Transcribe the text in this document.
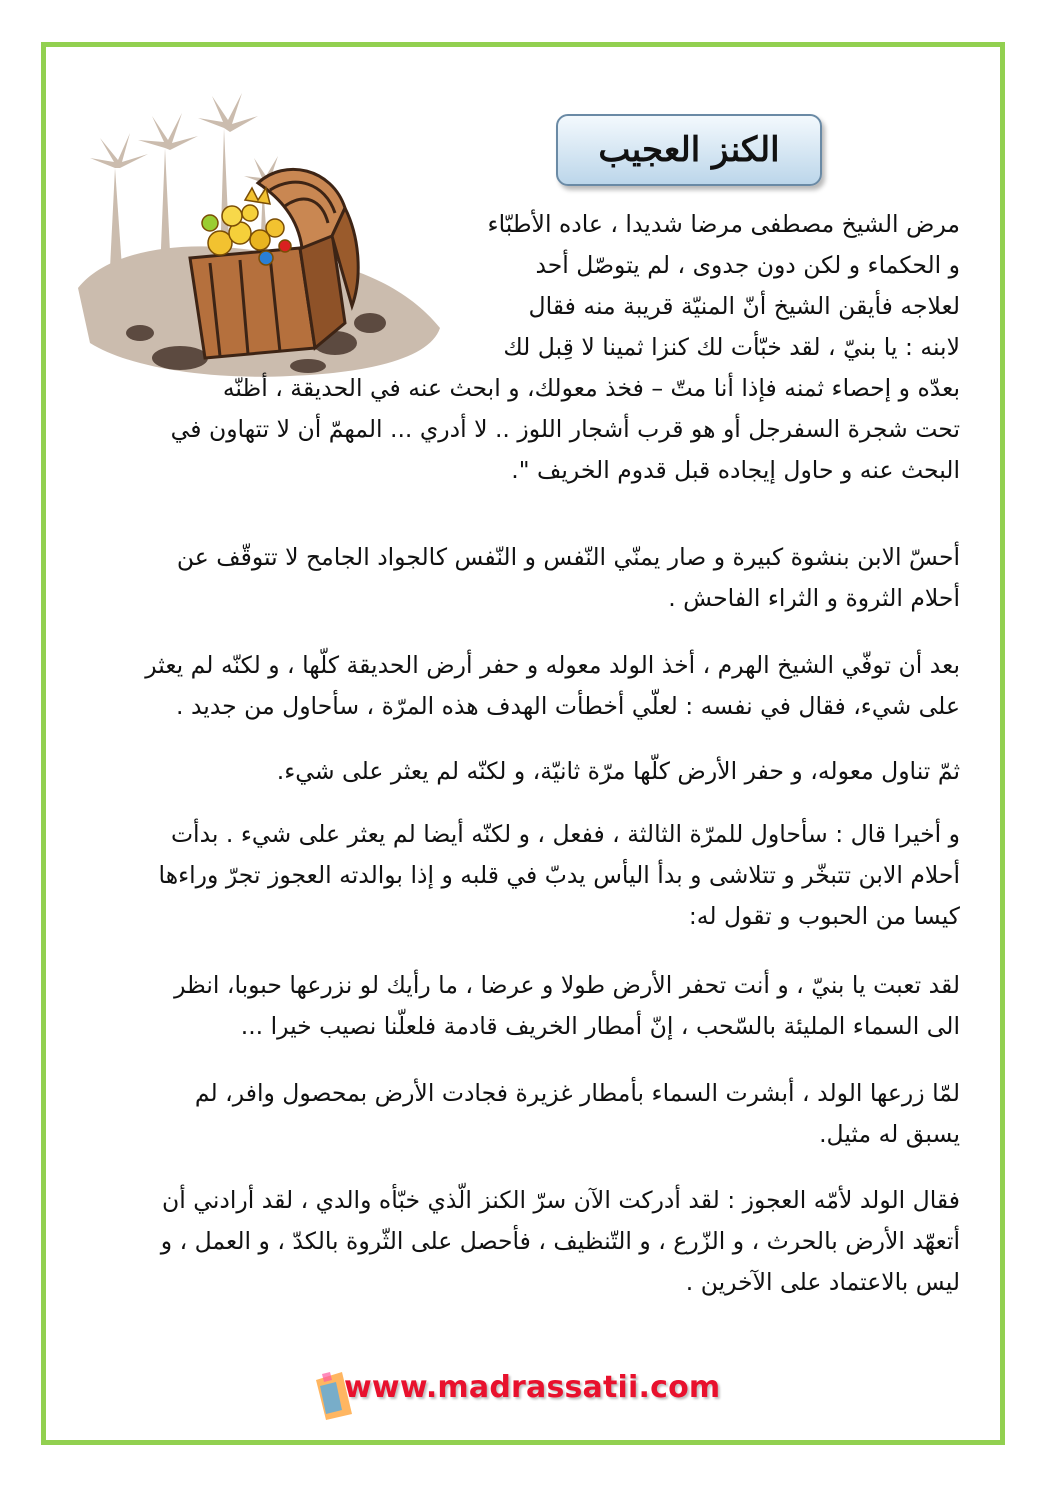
الكنز العجيب
مرض الشيخ مصطفى مرضا شديدا ، عاده الأطبّاء
و الحكماء و لكن دون جدوى ، لم يتوصّل أحد
لعلاجه فأيقن الشيخ أنّ المنيّة قريبة منه فقال
لابنه : يا بنيّ ، لقد خبّأت لك كنزا ثمينا لا قِبل لك
بعدّه و إحصاء ثمنه فإذا أنا متّ – فخذ معولك، و ابحث عنه في الحديقة ، أظنّه
تحت شجرة السفرجل أو هو قرب أشجار اللوز .. لا أدري ... المهمّ أن لا تتهاون في
البحث عنه و حاول إيجاده قبل قدوم الخريف ".
أحسّ الابن بنشوة كبيرة و صار يمنّي النّفس و النّفس كالجواد الجامح لا تتوقّف عن
أحلام الثروة و الثراء الفاحش .
بعد أن توفّي الشيخ الهرم ، أخذ الولد معوله و حفر أرض الحديقة كلّها ، و لكنّه لم يعثر
على شيء، فقال في نفسه : لعلّي أخطأت الهدف هذه المرّة ، سأحاول من جديد .
ثمّ تناول معوله، و حفر الأرض كلّها مرّة ثانيّة، و لكنّه لم يعثر على شيء.
و أخيرا قال : سأحاول للمرّة الثالثة ، ففعل ، و لكنّه أيضا لم يعثر على شيء . بدأت
أحلام الابن تتبخّر و تتلاشى و بدأ اليأس يدبّ في قلبه و إذا بوالدته العجوز تجرّ وراءها
كيسا من الحبوب و تقول له:
لقد تعبت يا بنيّ ، و أنت تحفر الأرض طولا و عرضا ، ما رأيك لو نزرعها حبوبا، انظر
الى السماء المليئة بالسّحب ، إنّ أمطار الخريف قادمة فلعلّنا نصيب خيرا ...
لمّا زرعها الولد ، أبشرت السماء بأمطار غزيرة فجادت الأرض بمحصول وافر، لم
يسبق له مثيل.
فقال الولد لأمّه العجوز : لقد أدركت الآن سرّ الكنز الّذي خبّأه والدي ، لقد أرادني أن
أتعهّد الأرض بالحرث ، و الزّرع ، و التّنظيف ، فأحصل على الثّروة بالكدّ ، و العمل ، و
ليس بالاعتماد على الآخرين .
www.madrassatii.com
